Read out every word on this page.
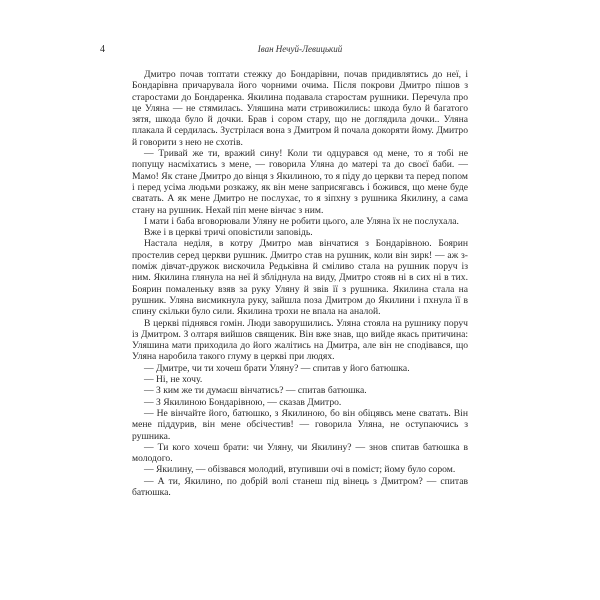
4	Іван Нечуй-Левицький

Дмитро почав топтати стежку до Бондарівни, почав придивлятись до неї, і Бондарівна причарувала його чорними очима. Після покрови Дмитро пішов з старостами до Бондаренка. Якилина подавала старостам рушники. Перечула про це Уляна — не стямилась. Уляшина мати стривожились: шкода було й багатого зятя, шкода було й дочки. Брав і сором стару, що не доглядила дочки.. Уляна плакала й сердилась. Зустрілася вона з Дмитром й почала докоряти йому. Дмитро й говорити з нею не схотів.

— Тривай же ти, вражий сину! Коли ти одцурався од мене, то я тобі не попущу насміхатись з мене, — говорила Уляна до матері та до своєї баби. — Мамо! Як стане Дмитро до вінця з Якилиною, то я піду до церкви та перед попом і перед усіма людьми розкажу, як він мене заприсягавсь і божився, що мене буде сватать. А як мене Дмитро не послухає, то я зіпхну з рушника Якилину, а сама стану на рушник. Нехай піп мене вінчає з ним.

І мати і баба вговорювали Уляну не робити цього, але Уляна їх не послухала.

Вже і в церкві тричі оповістили заповідь.

Настала неділя, в котру Дмитро мав вінчатися з Бондарівною. Боярин простелив серед церкви рушник. Дмитро став на рушник, коли він зирк! — аж з-поміж дівчат-дружок вискочила Редьківна й сміливо стала на рушник поруч із ним. Якилина глянула на неї й збліднула на виду, Дмитро стояв ні в сих ні в тих. Боярин помаленьку взяв за руку Уляну й звів її з рушника. Якилина стала на рушник. Уляна висмикнула руку, зайшла поза Дмитром до Якилини і пхнула її в спину скільки було сили. Якилина трохи не впала на аналой.

В церкві піднявся гомін. Люди заворушились. Уляна стояла на рушнику поруч із Дмитром. З олтаря вийшов священик. Він вже знав, що вийде якась притичина: Уляшина мати приходила до його жалітись на Дмитра, але він не сподівався, що Уляна наробила такого глуму в церкві при людях.

— Дмитре, чи ти хочеш брати Уляну? — спитав у його батюшка.

— Ні, не хочу.

— З ким же ти думаєш вінчатись? — спитав батюшка.

— З Якилиною Бондарівною, — сказав Дмитро.

— Не вінчайте його, батюшко, з Якилиною, бо він обіцявсь мене сватать. Він мене піддурив, він мене обсічестив! — говорила Уляна, не оступаючись з рушника.

— Ти кого хочеш брати: чи Уляну, чи Якилину? — знов спитав батюшка в молодого.

— Якилину, — обізвався молодий, втупивши очі в поміст; йому було сором.

— А ти, Якилино, по добрій волі станеш під вінець з Дмитром? — спитав батюшка.
